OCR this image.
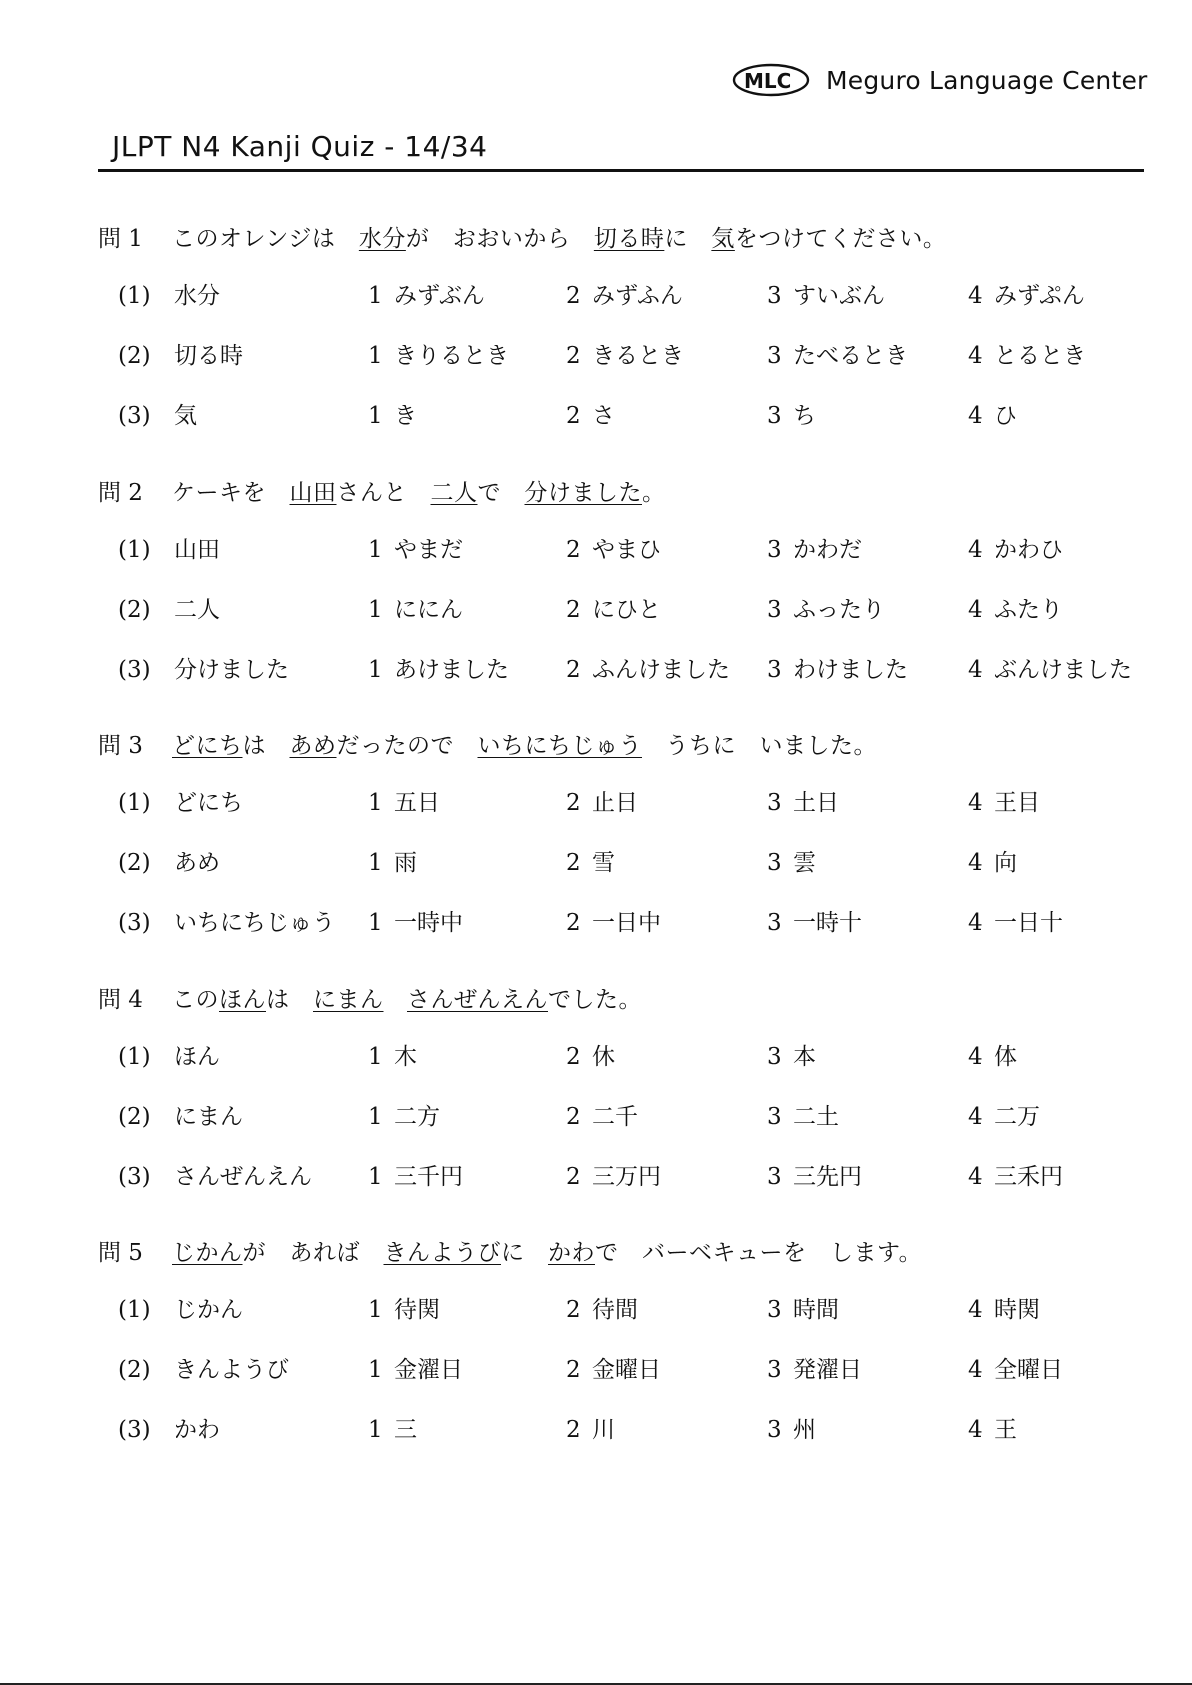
MLC Meguro Language Center
JLPT N4 Kanji Quiz - 14/34
問 1	このオレンジは　水分が　おおいから　切る時に　気をつけてください。
(1) 水分	1 みずぶん	2 みずふん	3 すいぶん	4 みずぷん
(2) 切る時	1 きりるとき 2 きるとき	3 たべるとき	4 とるとき
(3) 気	1 き	2 さ	3 ち	4 ひ
問 2	ケーキを　山田さんと　二人で　分けました。
(1) 山田	1 やまだ	2 やまひ	3 かわだ	4 かわひ
(2) 二人	1 ににん	2 にひと	3 ふったり	4 ふたり
(3) 分けました	1 あけました 2 ふんけました 3 わけました	4 ぶんけました
問 3	どにちは　あめだったので　いちにちじゅう　うちに　いました。
(1) どにち	1 五日	2 止日	3 土日	4 王目
(2) あめ	1 雨	2 雪	3 雲	4 向
(3) いちにちじゅう 1 一時中	2 一日中	3 一時十	4 一日十
問 4	このほんは　にまん　 さんぜんえんでした。
(1) ほん	1 木	2 休	3 本	4 体
(2) にまん	1 二方	2 二千	3 二土	4 二万
(3) さんぜんえん 1 三千円	2 三万円	3 三先円	4 三禾円
問 5	じかんが　あれば　きんようびに　かわで　バーベキューを　します。
(1) じかん	1 待関	2 待間	3 時間	4 時関
(2) きんようび	1 金濯日	2 金曜日	3 発濯日	4 全曜日
(3) かわ	1 三	2 川	3 州	4 王
